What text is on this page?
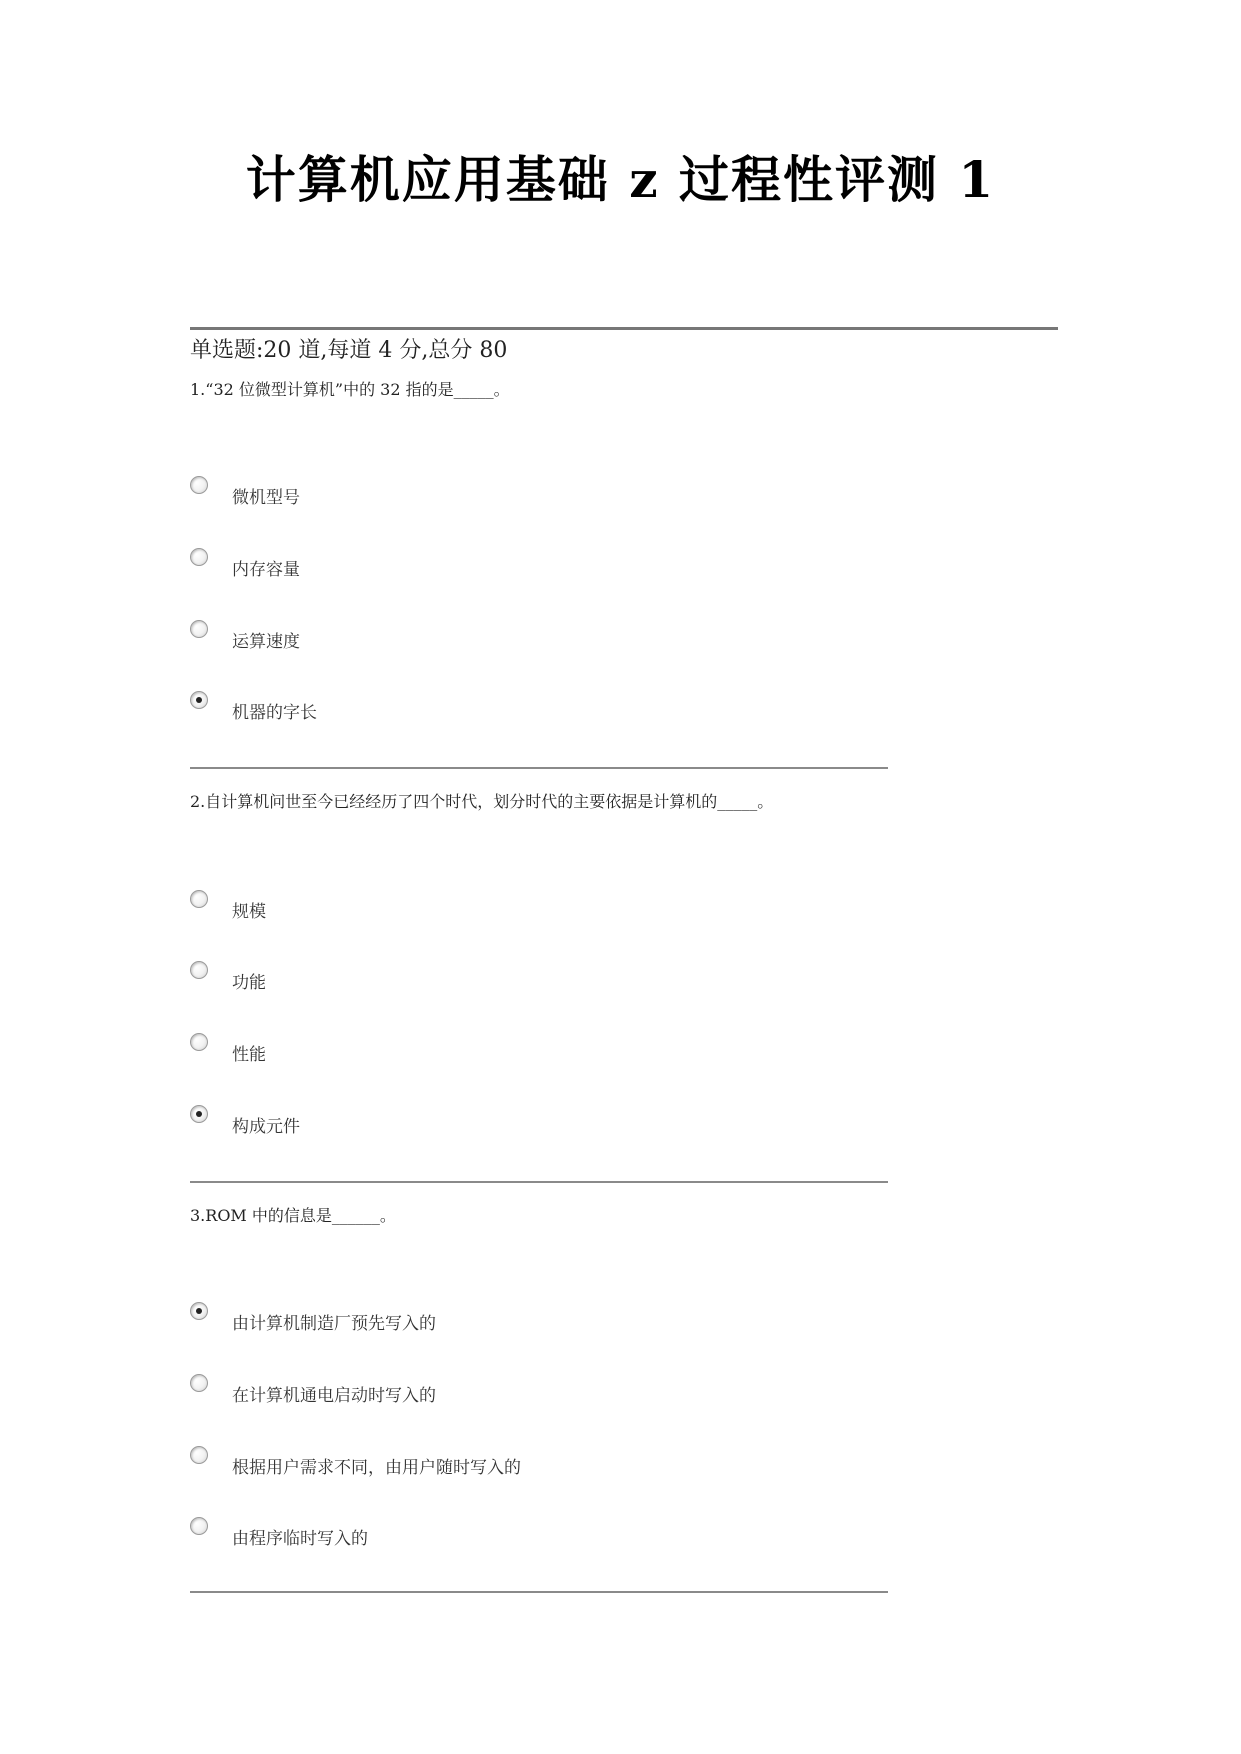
计算机应用基础 z 过程性评测 1
单选题:20 道,每道 4 分,总分 80
1.“32 位微型计算机”中的 32 指的是_____。
微机型号
内存容量
运算速度
机器的字长
2.自计算机问世至今已经经历了四个时代，划分时代的主要依据是计算机的_____。
规模
功能
性能
构成元件
3.ROM 中的信息是______。
由计算机制造厂预先写入的
在计算机通电启动时写入的
根据用户需求不同，由用户随时写入的
由程序临时写入的
